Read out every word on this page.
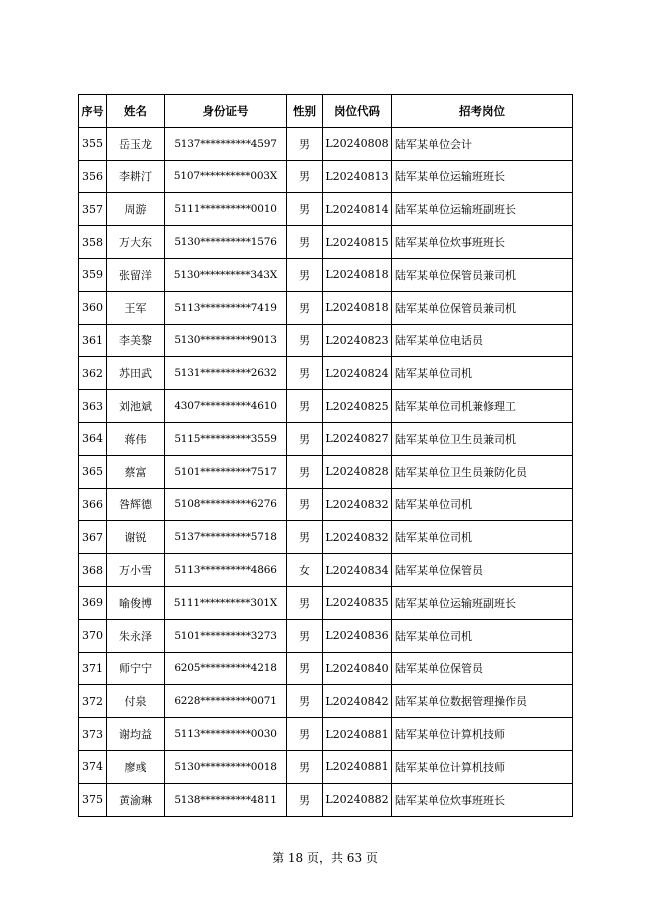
序号	姓名	身份证号	性别	岗位代码	招考岗位
355	岳玉龙	5137**********4597	男	L20240808	陆军某单位会计
356	李耕汀	5107**********003X	男	L20240813	陆军某单位运输班班长
357	周游	5111**********0010	男	L20240814	陆军某单位运输班副班长
358	万大东	5130**********1576	男	L20240815	陆军某单位炊事班班长
359	张留洋	5130**********343X	男	L20240818	陆军某单位保管员兼司机
360	王军	5113**********7419	男	L20240818	陆军某单位保管员兼司机
361	李美黎	5130**********9013	男	L20240823	陆军某单位电话员
362	苏田武	5131**********2632	男	L20240824	陆军某单位司机
363	刘池斌	4307**********4610	男	L20240825	陆军某单位司机兼修理工
364	蒋伟	5115**********3559	男	L20240827	陆军某单位卫生员兼司机
365	蔡富	5101**********7517	男	L20240828	陆军某单位卫生员兼防化员
366	咎辉德	5108**********6276	男	L20240832	陆军某单位司机
367	谢锐	5137**********5718	男	L20240832	陆军某单位司机
368	万小雪	5113**********4866	女	L20240834	陆军某单位保管员
369	喻俊博	5111**********301X	男	L20240835	陆军某单位运输班副班长
370	朱永泽	5101**********3273	男	L20240836	陆军某单位司机
371	师宁宁	6205**********4218	男	L20240840	陆军某单位保管员
372	付泉	6228**********0071	男	L20240842	陆军某单位数据管理操作员
373	谢均益	5113**********0030	男	L20240881	陆军某单位计算机技师
374	廖彧	5130**********0018	男	L20240881	陆军某单位计算机技师
375	黄渝琳	5138**********4811	男	L20240882	陆军某单位炊事班班长
第 18 页，共 63 页
